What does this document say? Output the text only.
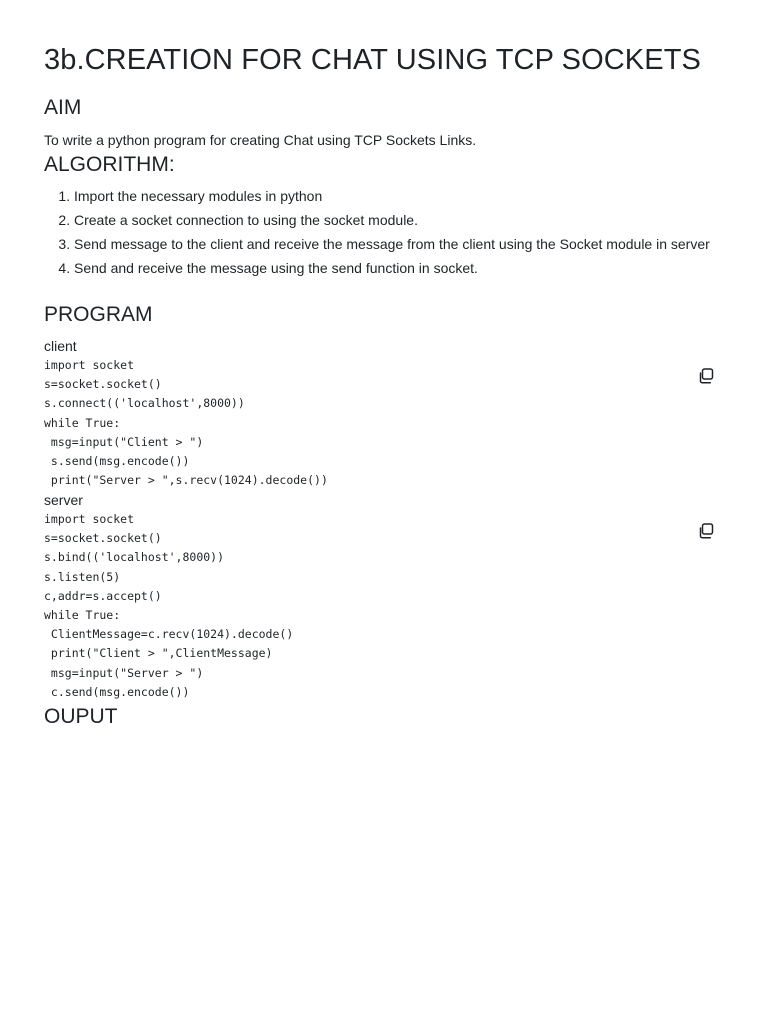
3b.CREATION FOR CHAT USING TCP SOCKETS
AIM

To write a python program for creating Chat using TCP Sockets Links.

ALGORITHM:
1. Import the necessary modules in python
2. Create a socket connection to using the socket module.
3. Send message to the client and receive the message from the client using the Socket module in server
4. Send and receive the message using the send function in socket.
PROGRAM
client
import socket
s=socket.socket()
s.connect(('localhost',8000))
while True:
msg=input("Client > ")
s.send(msg.encode())
print("Server > ",s.recv(1024).decode())
server
import socket
s=socket.socket()
s.bind(('localhost',8000))
s.listen(5)
c,addr=s.accept()
while True:
ClientMessage=c.recv(1024).decode()
print("Client > ",ClientMessage)
msg=input("Server > ")
c.send(msg.encode())
OUPUT
